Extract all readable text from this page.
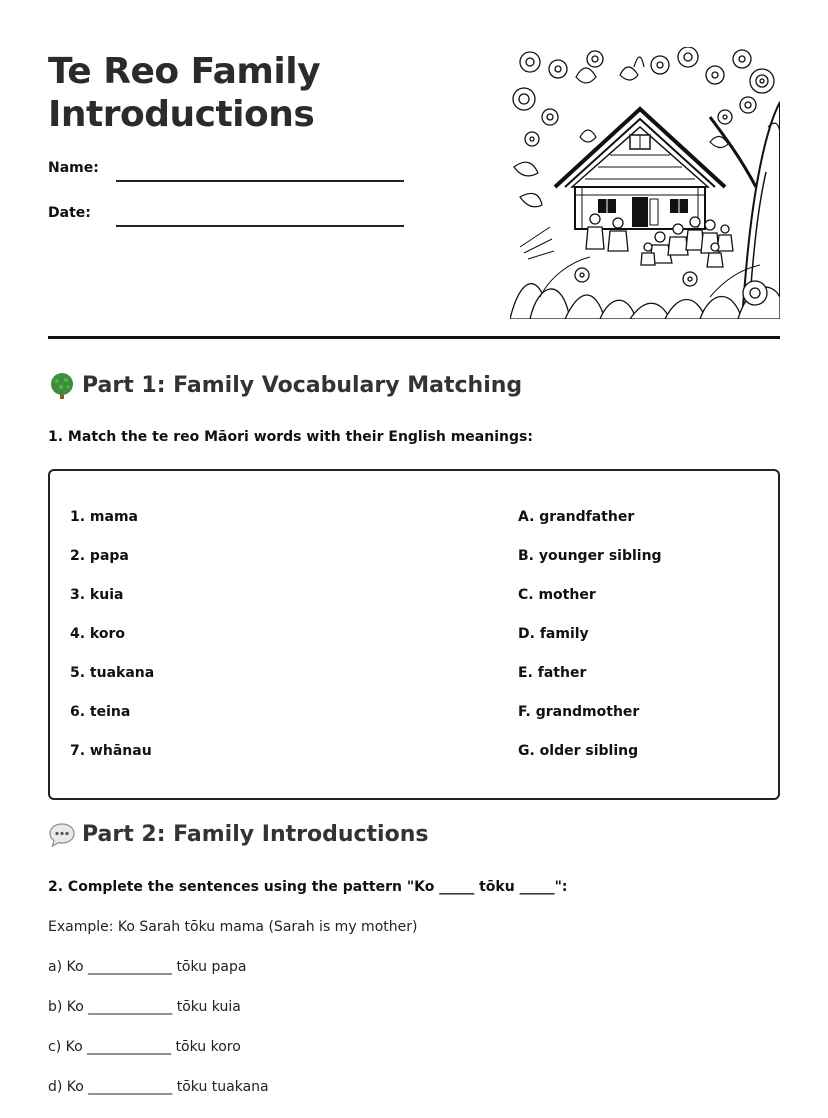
Te Reo Family
Introductions
Name:
Date:
Part 1: Family Vocabulary Matching
1. Match the te reo Māori words with their English meanings:
1. mama
2. papa
3. kuia
4. koro
5. tuakana
6. teina
7. whānau
A. grandfather
B. younger sibling
C. mother
D. family
E. father
F. grandmother
G. older sibling
Part 2: Family Introductions
2. Complete the sentences using the pattern "Ko _____ tōku _____":
Example: Ko Sarah tōku mama (Sarah is my mother)
a) Ko ____________ tōku papa
b) Ko ____________ tōku kuia
c) Ko ____________ tōku koro
d) Ko ____________ tōku tuakana
